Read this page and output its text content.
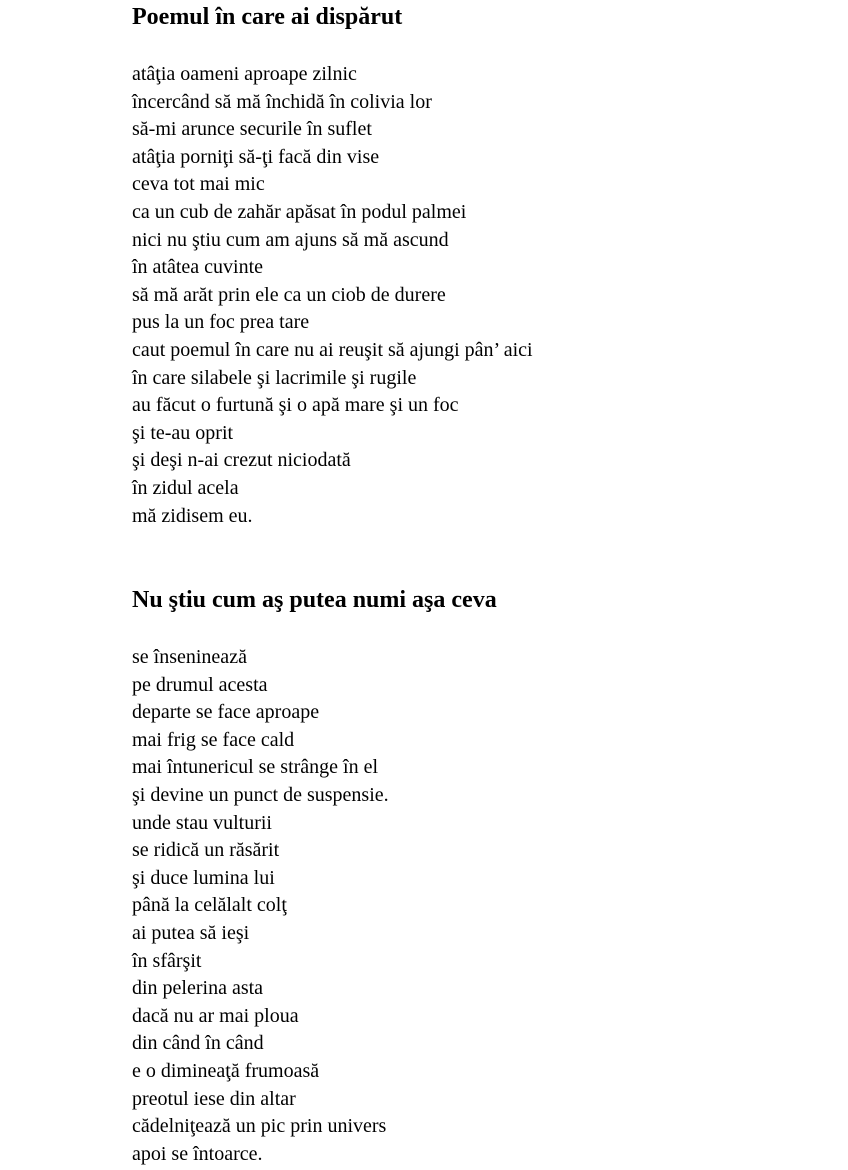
Poemul în care ai dispărut
atâţia oameni aproape zilnic
încercând să mă închidă în colivia lor
să-mi arunce securile în suflet
atâţia porniţi să-ţi facă din vise
ceva tot mai mic
ca un cub de zahăr apăsat în podul palmei
nici nu ştiu cum am ajuns să mă ascund
în atâtea cuvinte
să mă arăt prin ele ca un ciob de durere
pus la un foc prea tare
caut poemul în care nu ai reuşit să ajungi pân’ aici
în care silabele şi lacrimile şi rugile
au făcut o furtună şi o apă mare şi un foc
şi te-au oprit
şi deşi n-ai crezut niciodată
în zidul acela
mă zidisem eu.
Nu ştiu cum aş putea numi aşa ceva
se înseninează
pe drumul acesta
departe se face aproape
mai frig se face cald
mai întunericul se strânge în el
şi devine un punct de suspensie.
unde stau vulturii
se ridică un răsărit
şi duce lumina lui
până la celălalt colţ
ai putea să ieşi
în sfârşit
din pelerina asta
dacă nu ar mai ploua
din când în când
e o dimineaţă frumoasă
preotul iese din altar
cădelniţează un pic prin univers
apoi se întoarce.
